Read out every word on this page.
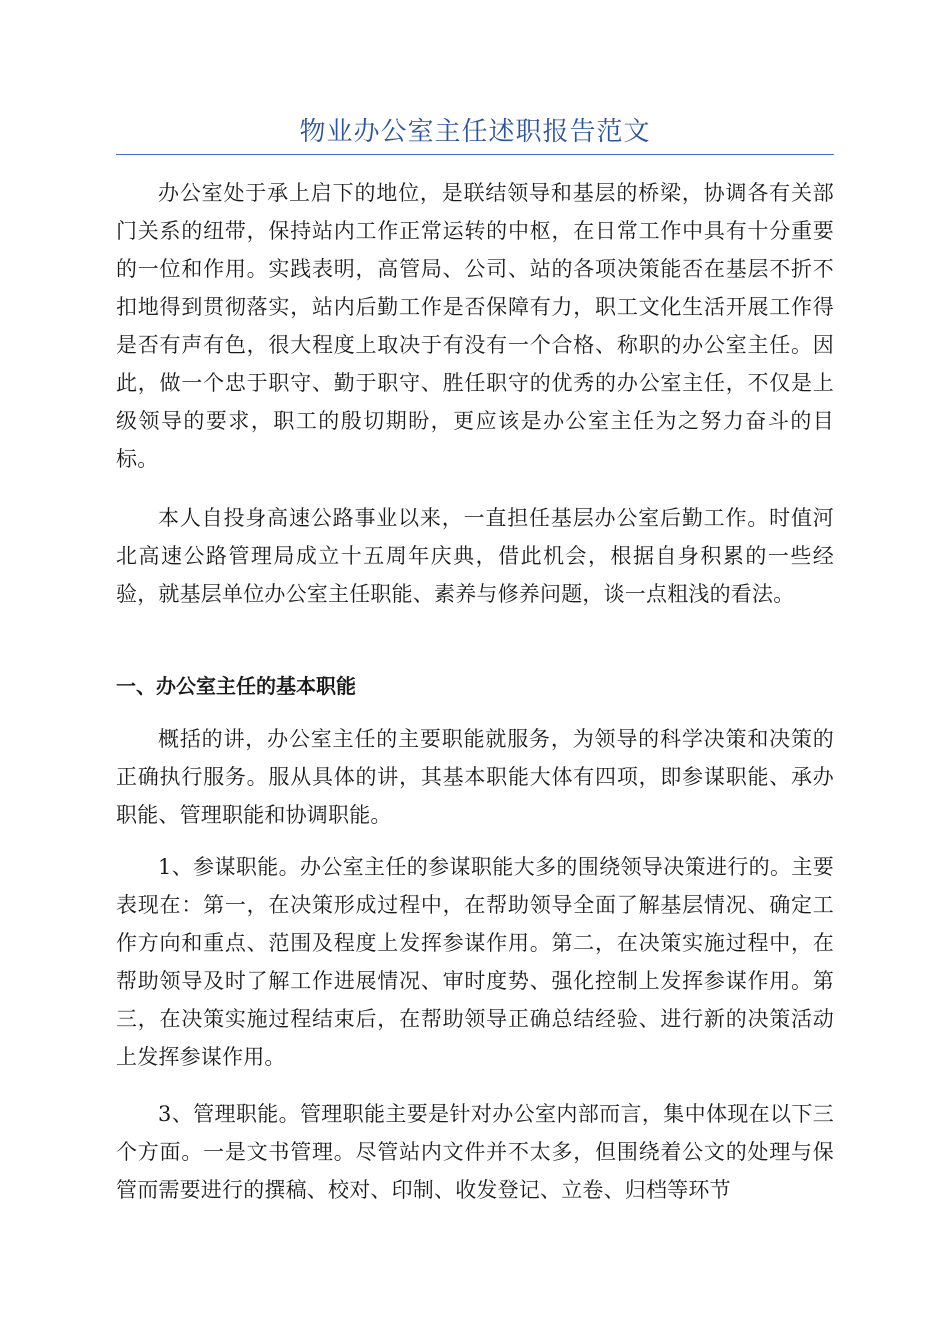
物业办公室主任述职报告范文

办公室处于承上启下的地位，是联结领导和基层的桥梁，协调各有关部门关系的纽带，保持站内工作正常运转的中枢，在日常工作中具有十分重要的一位和作用。实践表明，高管局、公司、站的各项决策能否在基层不折不扣地得到贯彻落实，站内后勤工作是否保障有力，职工文化生活开展工作得是否有声有色，很大程度上取决于有没有一个合格、称职的办公室主任。因此，做一个忠于职守、勤于职守、胜任职守的优秀的办公室主任，不仅是上级领导的要求，职工的殷切期盼，更应该是办公室主任为之努力奋斗的目标。

本人自投身高速公路事业以来，一直担任基层办公室后勤工作。时值河北高速公路管理局成立十五周年庆典，借此机会，根据自身积累的一些经验，就基层单位办公室主任职能、素养与修养问题，谈一点粗浅的看法。

一、办公室主任的基本职能

概括的讲，办公室主任的主要职能就服务，为领导的科学决策和决策的正确执行服务。服从具体的讲，其基本职能大体有四项，即参谋职能、承办职能、管理职能和协调职能。

1、参谋职能。办公室主任的参谋职能大多的围绕领导决策进行的。主要表现在：第一，在决策形成过程中，在帮助领导全面了解基层情况、确定工作方向和重点、范围及程度上发挥参谋作用。第二，在决策实施过程中，在帮助领导及时了解工作进展情况、审时度势、强化控制上发挥参谋作用。第三，在决策实施过程结束后，在帮助领导正确总结经验、进行新的决策活动上发挥参谋作用。

3、管理职能。管理职能主要是针对办公室内部而言，集中体现在以下三个方面。一是文书管理。尽管站内文件并不太多，但围绕着公文的处理与保管而需要进行的撰稿、校对、印制、收发登记、立卷、归档等环节
